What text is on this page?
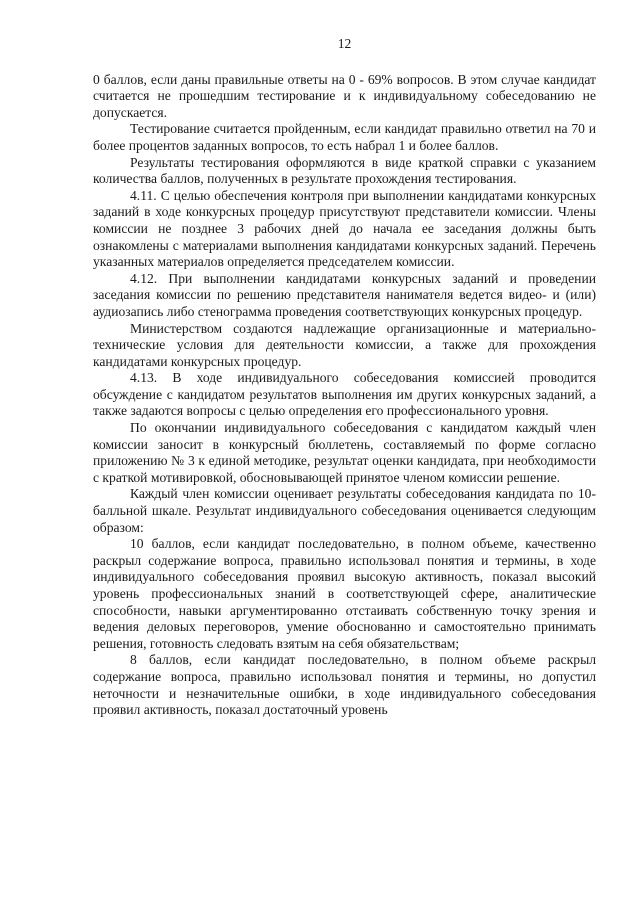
12

0 баллов, если даны правильные ответы на 0 - 69% вопросов. В этом случае кандидат считается не прошедшим тестирование и к индивидуальному собеседованию не допускается.

Тестирование считается пройденным, если кандидат правильно ответил на 70 и более процентов заданных вопросов, то есть набрал 1 и более баллов.

Результаты тестирования оформляются в виде краткой справки с указанием количества баллов, полученных в результате прохождения тестирования.

4.11. С целью обеспечения контроля при выполнении кандидатами конкурсных заданий в ходе конкурсных процедур присутствуют представители комиссии. Члены комиссии не позднее 3 рабочих дней до начала ее заседания должны быть ознакомлены с материалами выполнения кандидатами конкурсных заданий. Перечень указанных материалов определяется председателем комиссии.

4.12. При выполнении кандидатами конкурсных заданий и проведении заседания комиссии по решению представителя нанимателя ведется видео- и (или) аудиозапись либо стенограмма проведения соответствующих конкурсных процедур.

Министерством создаются надлежащие организационные и материально-технические условия для деятельности комиссии, а также для прохождения кандидатами конкурсных процедур.

4.13. В ходе индивидуального собеседования комиссией проводится обсуждение с кандидатом результатов выполнения им других конкурсных заданий, а также задаются вопросы с целью определения его профессионального уровня.

По окончании индивидуального собеседования с кандидатом каждый член комиссии заносит в конкурсный бюллетень, составляемый по форме согласно приложению № 3 к единой методике, результат оценки кандидата, при необходимости с краткой мотивировкой, обосновывающей принятое членом комиссии решение.

Каждый член комиссии оценивает результаты собеседования кандидата по 10-балльной шкале. Результат индивидуального собеседования оценивается следующим образом:

10 баллов, если кандидат последовательно, в полном объеме, качественно раскрыл содержание вопроса, правильно использовал понятия и термины, в ходе индивидуального собеседования проявил высокую активность, показал высокий уровень профессиональных знаний в соответствующей сфере, аналитические способности, навыки аргументированно отстаивать собственную точку зрения и ведения деловых переговоров, умение обоснованно и самостоятельно принимать решения, готовность следовать взятым на себя обязательствам;

8 баллов, если кандидат последовательно, в полном объеме раскрыл содержание вопроса, правильно использовал понятия и термины, но допустил неточности и незначительные ошибки, в ходе индивидуального собеседования проявил активность, показал достаточный уровень
